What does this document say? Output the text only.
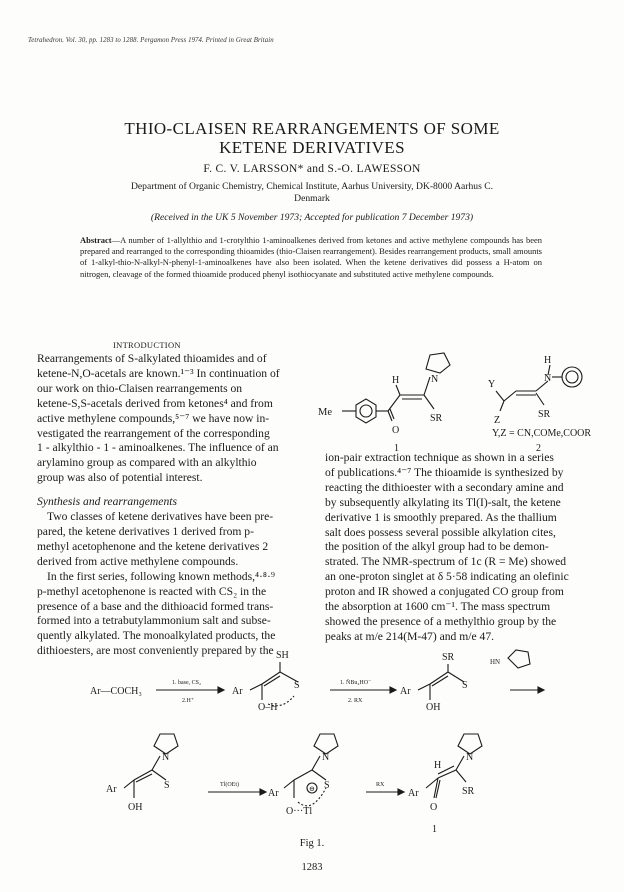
Tetrahedron. Vol. 30, pp. 1283 to 1288. Pergamon Press 1974. Printed in Great Britain
THIO-CLAISEN REARRANGEMENTS OF SOME
KETENE DERIVATIVES
F. C. V. LARSSON* and S.-O. LAWESSON
Department of Organic Chemistry, Chemical Institute, Aarhus University, DK-8000 Aarhus C.
Denmark
(Received in the UK 5 November 1973; Accepted for publication 7 December 1973)
Abstract—A number of 1-allylthio and 1-crotylthio 1-aminoalkenes derived from ketones and active methylene compounds has been prepared and rearranged to the corresponding thioamides (thio-Claisen rearrangement). Besides rearrangement products, small amounts of 1-alkyl-thio-N-alkyl-N-phenyl-1-aminoalkenes have also been isolated. When the ketene derivatives did possess a H-atom on nitrogen, cleavage of the formed thioamide produced phenyl isothiocyanate and substituted active methylene compounds.
INTRODUCTION

Rearrangements of S-alkylated thioamides and of
ketene-N,O-acetals are known.¹⁻³ In continuation of
our work on thio-Claisen rearrangements on
ketene-S,S-acetals derived from ketones⁴ and from
active methylene compounds,⁵⁻⁷ we have now in-
vestigated the rearrangement of the corresponding
1 - alkylthio - 1 - aminoalkenes. The influence of an
arylamino group as compared with an alkylthio
group was also of potential interest.

Synthesis and rearrangements

Two classes of ketene derivatives have been pre-
pared, the ketene derivatives 1 derived from p-
methyl acetophenone and the ketene derivatives 2
derived from active methylene compounds.

In the first series, following known methods,⁴·⁸·⁹
p-methyl acetophenone is reacted with CS₂ in the
presence of a base and the dithioacid formed trans-
formed into a tetrabutylammonium salt and subse-
quently alkylated. The monoalkylated products, the
dithioesters, are most conveniently prepared by the

Me
H	N
O
SR
1
Y
H
N
Z
SR
Y,Z = CN,COMe,COOR
2
ion-pair extraction technique as shown in a series
of publications.⁴⁻⁷ The thioamide is synthesized by
reacting the dithioester with a secondary amine and
by subsequently alkylating its Tl(I)-salt, the ketene
derivative 1 is smoothly prepared. As the thallium
salt does possess several possible alkylation cites,
the position of the alkyl group had to be demon-
strated. The NMR-spectrum of 1c (R = Me) showed
an one-proton singlet at δ 5·58 indicating an olefinic
proton and IR showed a conjugated CO group from
the absorption at 1600 cm⁻¹. The mass spectrum
showed the presence of a methylthio group by the
peaks at m/e 214(M-47) and m/e 47.
Ar—COCH₃
1. base, CS₂
2.H⁺
Ar
SH
S
O–H
1. N̄Bu₄HO⁻
2. RX
Ar
SR
S
OH
HN
Ar
N
S
OH
Tl(OEt)
Ar
N
S
⊖
O···Tl
RX
Ar
H
N
SR
O
1
Fig 1.
1283
